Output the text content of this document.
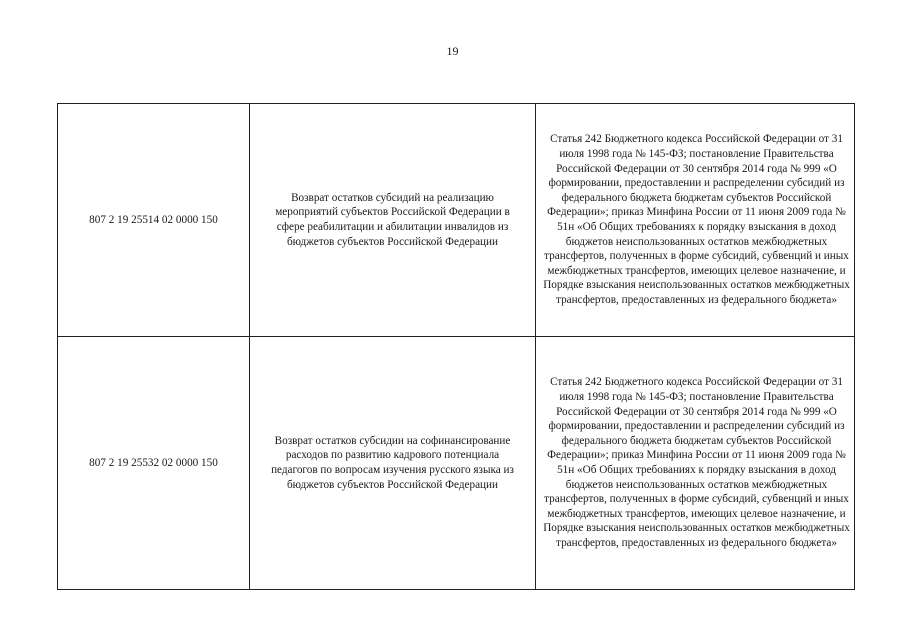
19
807 2 19 25514 02 0000 150	Возврат остатков субсидий на реализацию мероприятий субъектов Российской Федерации в сфере реабилитации и абилитации инвалидов из бюджетов субъектов Российской Федерации	Статья 242 Бюджетного кодекса Российской Федерации от 31 июля 1998 года № 145-ФЗ; постановление Правительства Российской Федерации от 30 сентября 2014 года № 999 «О формировании, предоставлении и распределении субсидий из федерального бюджета бюджетам субъектов Российской Федерации»; приказ Минфина России от 11 июня 2009 года № 51н «Об Общих требованиях к порядку взыскания в доход бюджетов неиспользованных остатков межбюджетных трансфертов, полученных в форме субсидий, субвенций и иных межбюджетных трансфертов, имеющих целевое назначение, и Порядке взыскания неиспользованных остатков межбюджетных трансфертов, предоставленных из федерального бюджета»
807 2 19 25532 02 0000 150	Возврат остатков субсидии на софинансирование расходов по развитию кадрового потенциала педагогов по вопросам изучения русского языка из бюджетов субъектов Российской Федерации	Статья 242 Бюджетного кодекса Российской Федерации от 31 июля 1998 года № 145-ФЗ; постановление Правительства Российской Федерации от 30 сентября 2014 года № 999 «О формировании, предоставлении и распределении субсидий из федерального бюджета бюджетам субъектов Российской Федерации»; приказ Минфина России от 11 июня 2009 года № 51н «Об Общих требованиях к порядку взыскания в доход бюджетов неиспользованных остатков межбюджетных трансфертов, полученных в форме субсидий, субвенций и иных межбюджетных трансфертов, имеющих целевое назначение, и Порядке взыскания неиспользованных остатков межбюджетных трансфертов, предоставленных из федерального бюджета»
